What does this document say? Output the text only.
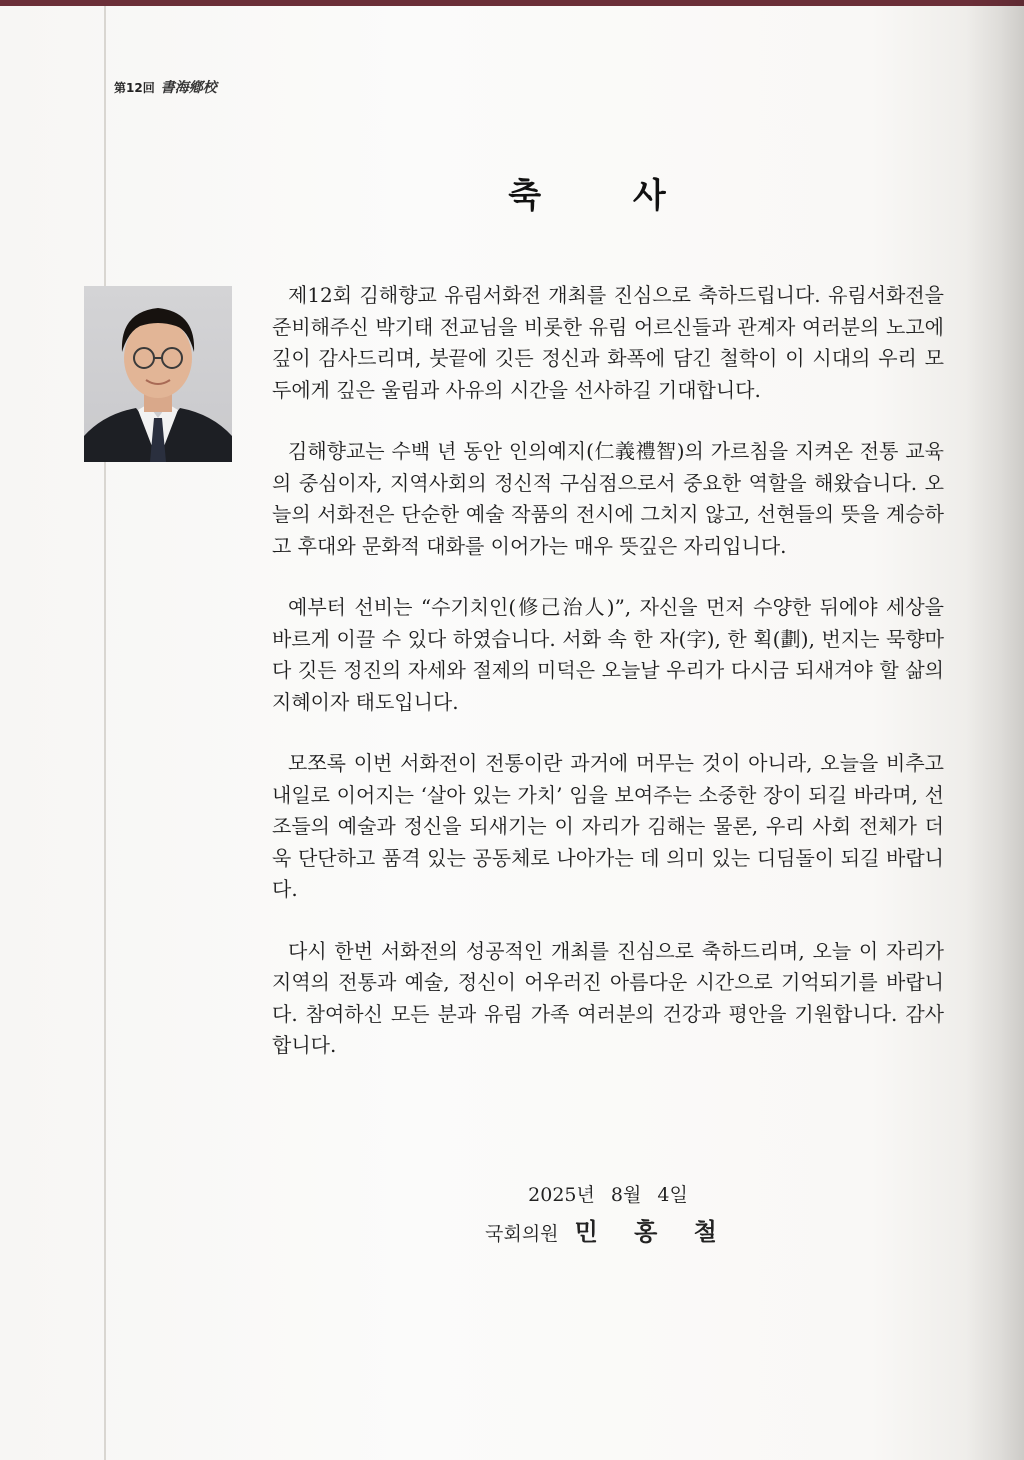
第12回 書海鄕校
축 사

제12회 김해향교 유림서화전 개최를 진심으로 축하드립니다. 유림서화전을 준비해주신 박기태 전교님을 비롯한 유림 어르신들과 관계자 여러분의 노고에 깊이 감사드리며, 붓끝에 깃든 정신과 화폭에 담긴 철학이 이 시대의 우리 모두에게 깊은 울림과 사유의 시간을 선사하길 기대합니다.

김해향교는 수백 년 동안 인의예지(仁義禮智)의 가르침을 지켜온 전통 교육의 중심이자, 지역사회의 정신적 구심점으로서 중요한 역할을 해왔습니다. 오늘의 서화전은 단순한 예술 작품의 전시에 그치지 않고, 선현들의 뜻을 계승하고 후대와 문화적 대화를 이어가는 매우 뜻깊은 자리입니다.

예부터 선비는 “수기치인(修己治人)”, 자신을 먼저 수양한 뒤에야 세상을 바르게 이끌 수 있다 하였습니다. 서화 속 한 자(字), 한 획(劃), 번지는 묵향마다 깃든 정진의 자세와 절제의 미덕은 오늘날 우리가 다시금 되새겨야 할 삶의 지혜이자 태도입니다.

모쪼록 이번 서화전이 전통이란 과거에 머무는 것이 아니라, 오늘을 비추고 내일로 이어지는 ‘살아 있는 가치’ 임을 보여주는 소중한 장이 되길 바라며, 선조들의 예술과 정신을 되새기는 이 자리가 김해는 물론, 우리 사회 전체가 더욱 단단하고 품격 있는 공동체로 나아가는 데 의미 있는 디딤돌이 되길 바랍니다.

다시 한번 서화전의 성공적인 개최를 진심으로 축하드리며, 오늘 이 자리가 지역의 전통과 예술, 정신이 어우러진 아름다운 시간으로 기억되기를 바랍니다. 참여하신 모든 분과 유림 가족 여러분의 건강과 평안을 기원합니다. 감사합니다.

2025년 8월 4일
국회의원 민 홍 철
